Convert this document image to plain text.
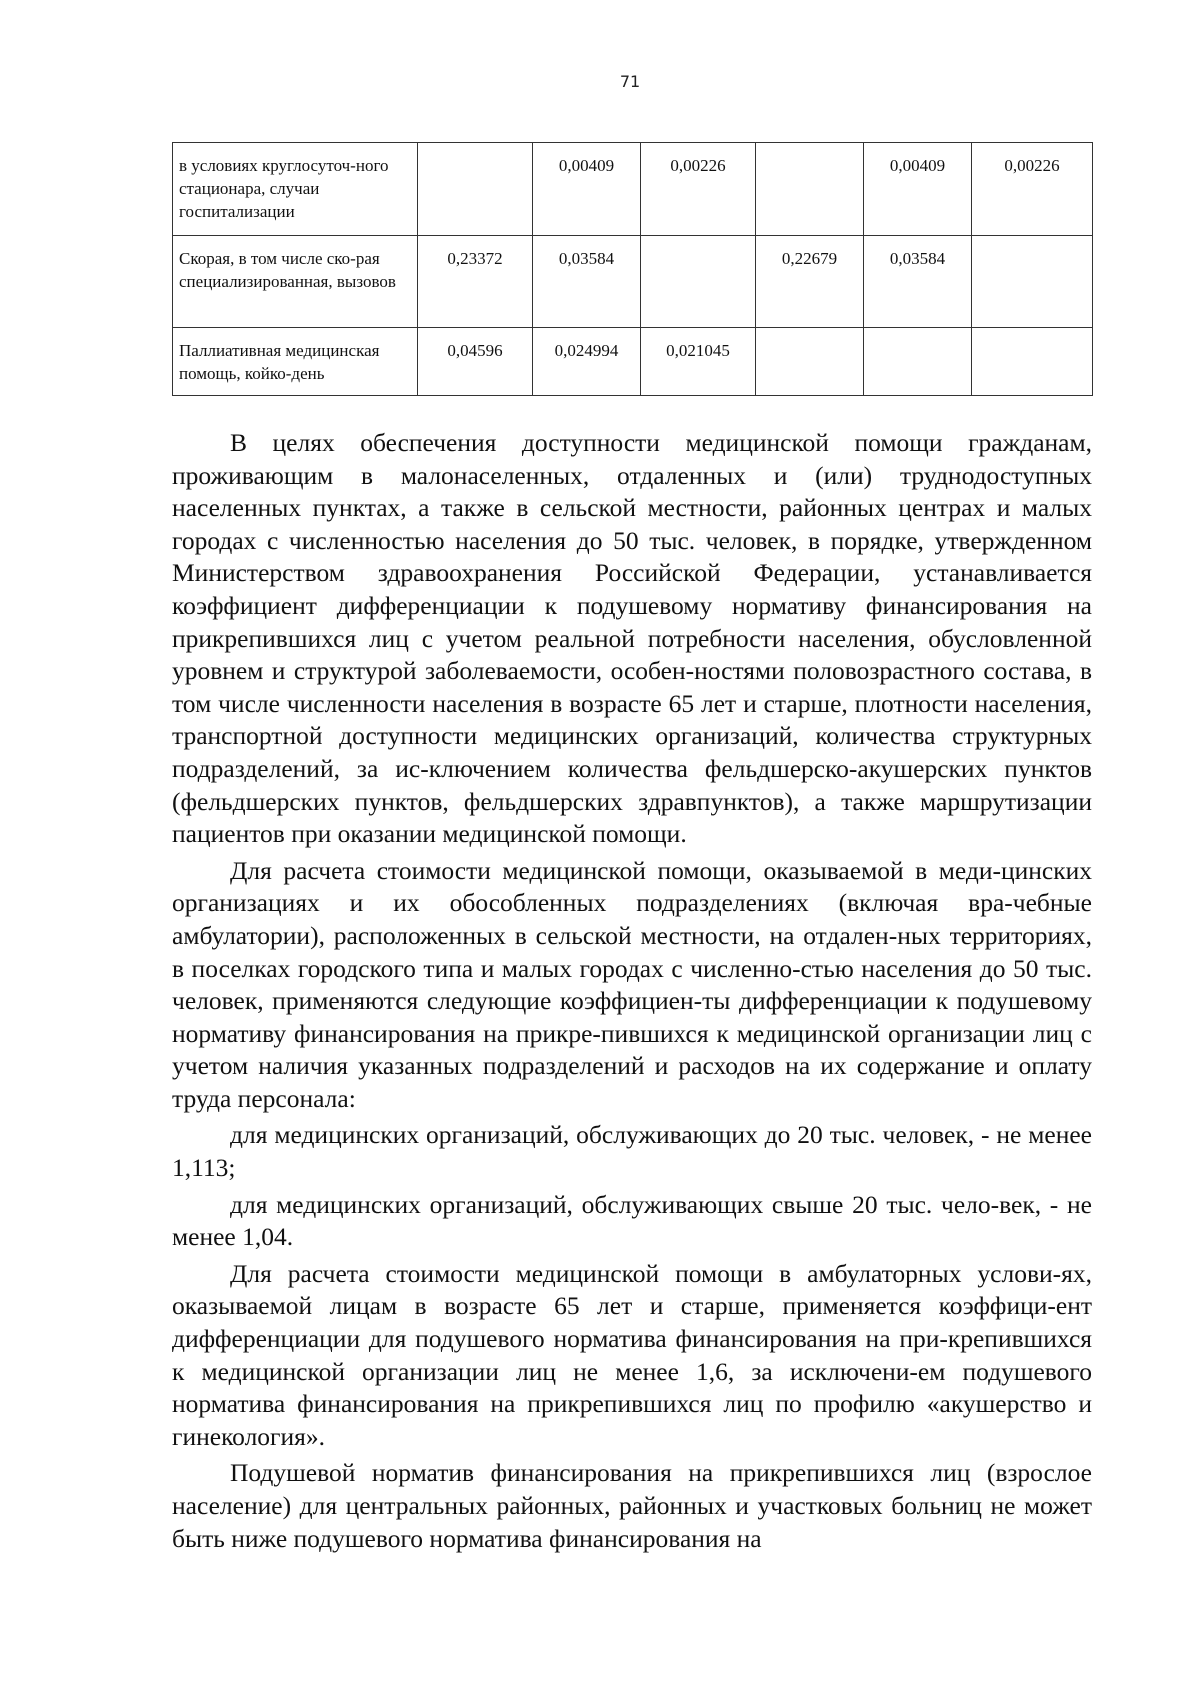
71
в условиях круглосуточ-ного стационара, случаи госпитализации		0,00409	0,00226		0,00409	0,00226
Скорая, в том числе ско-рая специализированная, вызовов	0,23372	0,03584		0,22679	0,03584	
Паллиативная медицинская помощь, койко-день	0,04596	0,024994	0,021045			

В целях обеспечения доступности медицинской помощи гражданам, проживающим в малонаселенных, отдаленных и (или) труднодоступных населенных пунктах, а также в сельской местности, районных центрах и малых городах с численностью населения до 50 тыс. человек, в порядке, утвержденном Министерством здравоохранения Российской Федерации, устанавливается коэффициент дифференциации к подушевому нормативу финансирования на прикрепившихся лиц с учетом реальной потребности населения, обусловленной уровнем и структурой заболеваемости, особен-ностями половозрастного состава, в том числе численности населения в возрасте 65 лет и старше, плотности населения, транспортной доступности медицинских организаций, количества структурных подразделений, за ис-ключением количества фельдшерско-акушерских пунктов (фельдшерских пунктов, фельдшерских здравпунктов), а также маршрутизации пациентов при оказании медицинской помощи.

Для расчета стоимости медицинской помощи, оказываемой в меди-цинских организациях и их обособленных подразделениях (включая вра-чебные амбулатории), расположенных в сельской местности, на отдален-ных территориях, в поселках городского типа и малых городах с численно-стью населения до 50 тыс. человек, применяются следующие коэффициен-ты дифференциации к подушевому нормативу финансирования на прикре-пившихся к медицинской организации лиц с учетом наличия указанных подразделений и расходов на их содержание и оплату труда персонала:

для медицинских организаций, обслуживающих до 20 тыс. человек, - не менее 1,113;

для медицинских организаций, обслуживающих свыше 20 тыс. чело-век, - не менее 1,04.

Для расчета стоимости медицинской помощи в амбулаторных услови-ях, оказываемой лицам в возрасте 65 лет и старше, применяется коэффици-ент дифференциации для подушевого норматива финансирования на при-крепившихся к медицинской организации лиц не менее 1,6, за исключени-ем подушевого норматива финансирования на прикрепившихся лиц по профилю «акушерство и гинекология».

Подушевой норматив финансирования на прикрепившихся лиц (взрослое население) для центральных районных, районных и участковых больниц не может быть ниже подушевого норматива финансирования на
